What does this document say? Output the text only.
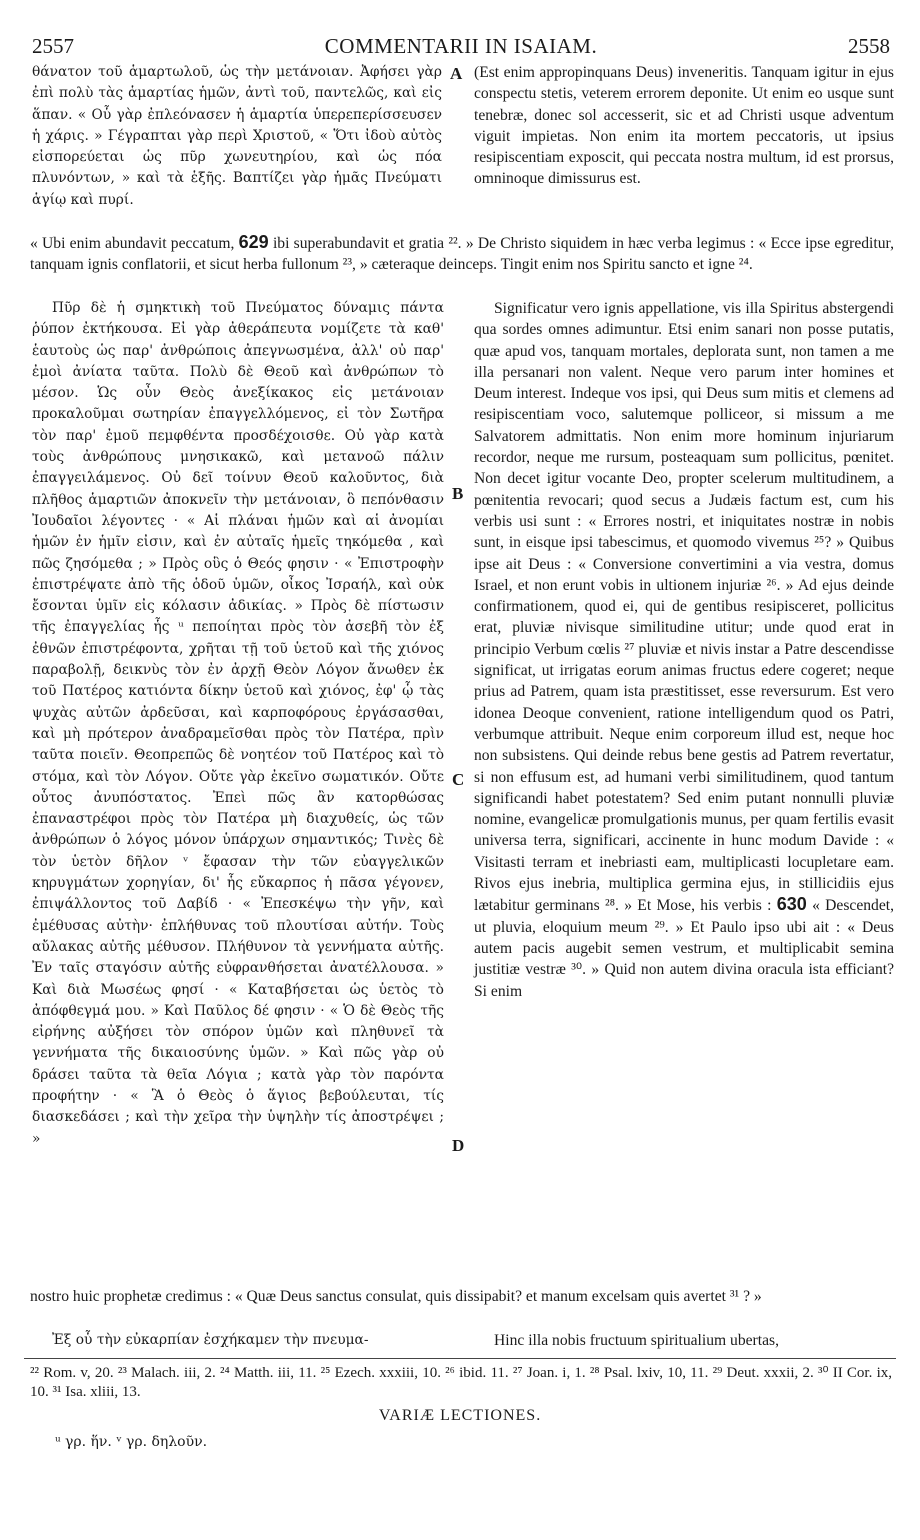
2557	COMMENTARII IN ISAIAM.	2558

θάνατον τοῦ ἁμαρτωλοῦ, ὡς τὴν μετάνοιαν. Ἀφήσει γὰρ ἐπὶ πολὺ τὰς ἁμαρτίας ἡμῶν, ἀντὶ τοῦ, παντελῶς, καὶ εἰς ἅπαν. « Οὗ γὰρ ἐπλεόνασεν ἡ ἁμαρτία ὑπερεπερίσσευσεν ἡ χάρις. » Γέγραπται γὰρ περὶ Χριστοῦ, « Ὅτι ἰδοὺ αὐτὸς εἰσπορεύεται ὡς πῦρ χωνευτηρίου, καὶ ὡς πόα πλυνόντων, » καὶ τὰ ἑξῆς. Βαπτίζει γὰρ ἡμᾶς Πνεύματι ἁγίῳ καὶ πυρί.

(Est enim appropinquans Deus) inveneritis. Tanquam igitur in ejus conspectu stetis, veterem errorem deponite. Ut enim eo usque sunt tenebræ, donec sol accesserit, sic et ad Christi usque adventum viguit impietas. Non enim ita mortem peccatoris, ut ipsius resipiscentiam exposcit, qui peccata nostra multum, id est prorsus, omninoque dimissurus est.

A
« Ubi enim abundavit peccatum, 629 ibi superabundavit et gratia ²². » De Christo siquidem in hæc verba legimus : « Ecce ipse egreditur, tanquam ignis conflatorii, et sicut herba fullonum ²³, » cæteraque deinceps. Tingit enim nos Spiritu sancto et igne ²⁴.

Πῦρ δὲ ἡ σμηκτικὴ τοῦ Πνεύματος δύναμις πάντα ῥύπον ἐκτήκουσα. Εἰ γὰρ ἀθεράπευτα νομίζετε τὰ καθ' ἑαυτοὺς ὡς παρ' ἀνθρώποις ἀπεγνωσμένα, ἀλλ' οὐ παρ' ἐμοὶ ἀνίατα ταῦτα. Πολὺ δὲ Θεοῦ καὶ ἀνθρώπων τὸ μέσον. Ὡς οὖν Θεὸς ἀνεξίκακος εἰς μετάνοιαν προκαλοῦμαι σωτηρίαν ἐπαγγελλόμενος, εἰ τὸν Σωτῆρα τὸν παρ' ἐμοῦ πεμφθέντα προσδέχοισθε. Οὐ γὰρ κατὰ τοὺς ἀνθρώπους μνησικακῶ, καὶ μετανοῶ πάλιν ἐπαγγειλάμενος. Οὐ δεῖ τοίνυν Θεοῦ καλοῦντος, διὰ πλῆθος ἁμαρτιῶν ἀποκνεῖν τὴν μετάνοιαν, ὃ πεπόνθασιν Ἰουδαῖοι λέγοντες · « Αἱ πλάναι ἡμῶν καὶ αἱ ἀνομίαι ἡμῶν ἐν ἡμῖν εἰσιν, καὶ ἐν αὐταῖς ἡμεῖς τηκόμεθα , καὶ πῶς ζησόμεθα ; » Πρὸς οὓς ὁ Θεός φησιν · « Ἐπιστροφὴν ἐπιστρέψατε ἀπὸ τῆς ὁδοῦ ὑμῶν, οἶκος Ἰσραήλ, καὶ οὐκ ἔσονται ὑμῖν εἰς κόλασιν ἀδικίας. » Πρὸς δὲ πίστωσιν τῆς ἐπαγγελίας ἧς ᵘ πεποίηται πρὸς τὸν ἀσεβῆ τὸν ἐξ ἐθνῶν ἐπιστρέφοντα, χρῆται τῇ τοῦ ὑετοῦ καὶ τῆς χιόνος παραβολῇ, δεικνὺς τὸν ἐν ἀρχῇ Θεὸν Λόγον ἄνωθεν ἐκ τοῦ Πατέρος κατιόντα δίκην ὑετοῦ καὶ χιόνος, ἐφ' ᾧ τὰς ψυχὰς αὐτῶν ἀρδεῦσαι, καὶ καρποφόρους ἐργάσασθαι, καὶ μὴ πρότερον ἀναδραμεῖσθαι πρὸς τὸν Πατέρα, πρὶν ταῦτα ποιεῖν. Θεοπρεπῶς δὲ νοητέον τοῦ Πατέρος καὶ τὸ στόμα, καὶ τὸν Λόγον. Οὔτε γὰρ ἐκεῖνο σωματικόν. Οὔτε οὗτος ἀνυπόστατος. Ἐπεὶ πῶς ἂν κατορθώσας ἐπαναστρέφοι πρὸς τὸν Πατέρα μὴ διαχυθείς, ὡς τῶν ἀνθρώπων ὁ λόγος μόνον ὑπάρχων σημαντικός; Τινὲς δὲ τὸν ὑετὸν δῆλον ᵛ ἔφασαν τὴν τῶν εὐαγγελικῶν κηρυγμάτων χορηγίαν, δι' ἧς εὔκαρπος ἡ πᾶσα γέγονεν, ἐπιψάλλοντος τοῦ Δαβίδ · « Ἐπεσκέψω τὴν γῆν, καὶ ἐμέθυσας αὐτὴν· ἐπλήθυνας τοῦ πλουτίσαι αὐτήν. Τοὺς αὔλακας αὐτῆς μέθυσον. Πλήθυνον τὰ γεννήματα αὐτῆς. Ἐν ταῖς σταγόσιν αὐτῆς εὐφρανθήσεται ἀνατέλλουσα. » Καὶ διὰ Μωσέως φησί · « Καταβήσεται ὡς ὑετὸς τὸ ἀπόφθεγμά μου. » Καὶ Παῦλος δέ φησιν · « Ὁ δὲ Θεὸς τῆς εἰρήνης αὐξήσει τὸν σπόρον ὑμῶν καὶ πληθυνεῖ τὰ γεννήματα τῆς δικαιοσύνης ὑμῶν. » Καὶ πῶς γὰρ οὐ δράσει ταῦτα τὰ θεῖα Λόγια ; κατὰ γὰρ τὸν παρόντα προφήτην · « Ἃ ὁ Θεὸς ὁ ἅγιος βεβούλευται, τίς διασκεδάσει ; καὶ τὴν χεῖρα τὴν ὑψηλὴν τίς ἀποστρέψει ; »

Significatur vero ignis appellatione, vis illa Spiritus abstergendi qua sordes omnes adimuntur. Etsi enim sanari non posse putatis, quæ apud vos, tanquam mortales, deplorata sunt, non tamen a me illa persanari non valent. Neque vero parum inter homines et Deum interest. Indeque vos ipsi, qui Deus sum mitis et clemens ad resipiscentiam voco, salutemque polliceor, si missum a me Salvatorem admittatis. Non enim more hominum injuriarum recordor, neque me rursum, posteaquam sum pollicitus, pœnitet. Non decet igitur vocante Deo, propter scelerum multitudinem, a pœnitentia revocari; quod secus a Judæis factum est, cum his verbis usi sunt : « Errores nostri, et iniquitates nostræ in nobis sunt, in eisque ipsi tabescimus, et quomodo vivemus ²⁵? » Quibus ipse ait Deus : « Conversione convertimini a via vestra, domus Israel, et non erunt vobis in ultionem injuriæ ²⁶. » Ad ejus deinde confirmationem, quod ei, qui de gentibus resipisceret, pollicitus erat, pluviæ nivisque similitudine utitur; unde quod erat in principio Verbum cœlis ²⁷ pluviæ et nivis instar a Patre descendisse significat, ut irrigatas eorum animas fructus edere cogeret; neque prius ad Patrem, quam ista præstitisset, esse reversurum. Est vero idonea Deoque convenient, ratione intelligendum quod os Patri, verbumque attribuit. Neque enim corporeum illud est, neque hoc non subsistens. Qui deinde rebus bene gestis ad Patrem revertatur, si non effusum est, ad humani verbi similitudinem, quod tantum significandi habet potestatem? Sed enim putant nonnulli pluviæ nomine, evangelicæ promulgationis munus, per quam fertilis evasit universa terra, significari, accinente in hunc modum Davide : « Visitasti terram et inebriasti eam, multiplicasti locupletare eam. Rivos ejus inebria, multiplica germina ejus, in stillicidiis ejus lætabitur germinans ²⁸. » Et Mose, his verbis : 630 « Descendet, ut pluvia, eloquium meum ²⁹. » Et Paulo ipso ubi ait : « Deus autem pacis augebit semen vestrum, et multiplicabit semina justitiæ vestræ ³⁰. » Quid non autem divina oracula ista efficiant? Si enim

B
C
D
nostro huic prophetæ credimus : « Quæ Deus sanctus consulat, quis dissipabit? et manum excelsam quis avertet ³¹ ? »

Ἐξ οὗ τὴν εὐκαρπίαν ἐσχήκαμεν τὴν πνευμα-	Hinc illa nobis fructuum spiritualium ubertas,

²² Rom. v, 20. ²³ Malach. iii, 2. ²⁴ Matth. iii, 11. ²⁵ Ezech. xxxiii, 10. ²⁶ ibid. 11. ²⁷ Joan. i, 1. ²⁸ Psal. lxiv, 10, 11. ²⁹ Deut. xxxii, 2. ³⁰ II Cor. ix, 10. ³¹ Isa. xliii, 13.
VARIÆ LECTIONES.
ᵘ γρ. ἥν. ᵛ γρ. δηλοῦν.
